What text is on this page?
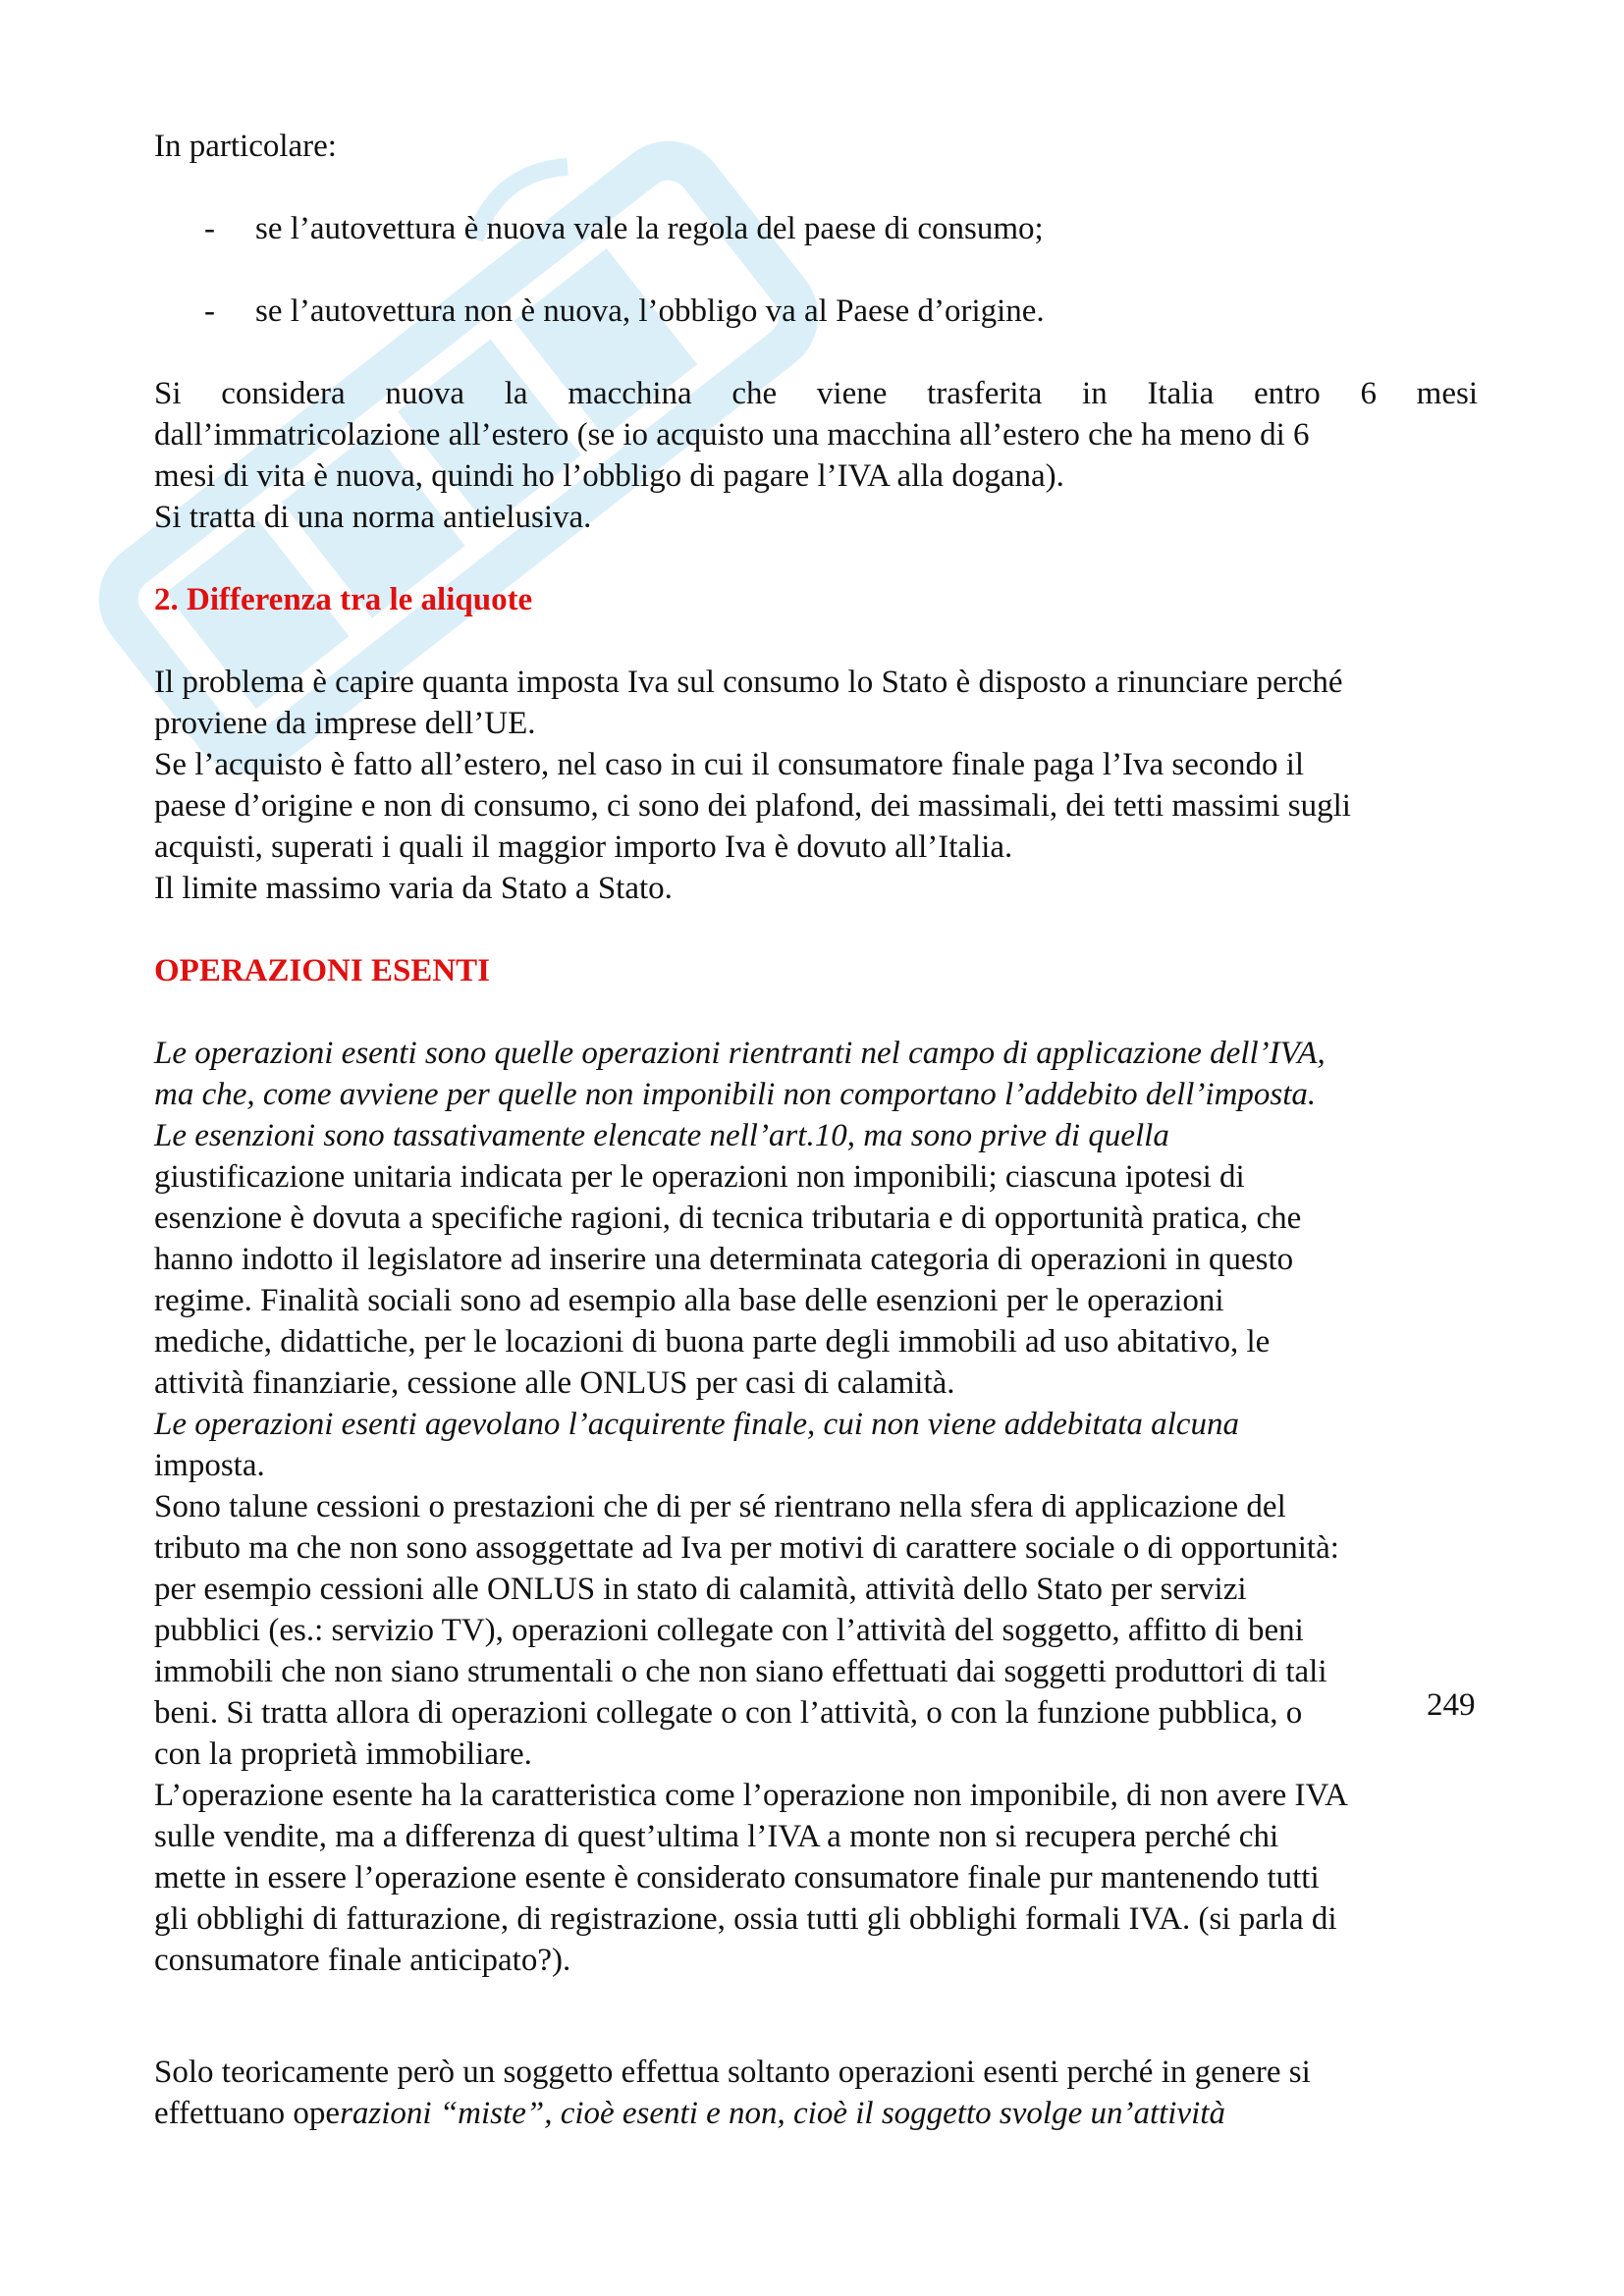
In particolare:
- se l’autovettura è nuova vale la regola del paese di consumo;
- se l’autovettura non è nuova, l’obbligo va al Paese d’origine.
Si considera nuova la macchina che viene trasferita in Italia entro 6 mesi
dall’immatricolazione all’estero (se io acquisto una macchina all’estero che ha meno di 6
mesi di vita è nuova, quindi ho l’obbligo di pagare l’IVA alla dogana).
Si tratta di una norma antielusiva.
2. Differenza tra le aliquote
Il problema è capire quanta imposta Iva sul consumo lo Stato è disposto a rinunciare perché
proviene da imprese dell’UE.
Se l’acquisto è fatto all’estero, nel caso in cui il consumatore finale paga l’Iva secondo il
paese d’origine e non di consumo, ci sono dei plafond, dei massimali, dei tetti massimi sugli
acquisti, superati i quali il maggior importo Iva è dovuto all’Italia.
Il limite massimo varia da Stato a Stato.
OPERAZIONI ESENTI
Le operazioni esenti sono quelle operazioni rientranti nel campo di applicazione dell’IVA,
ma che, come avviene per quelle non imponibili non comportano l’addebito dell’imposta.
Le esenzioni sono tassativamente elencate nell’art.10, ma sono prive di quella
giustificazione unitaria indicata per le operazioni non imponibili; ciascuna ipotesi di
esenzione è dovuta a specifiche ragioni, di tecnica tributaria e di opportunità pratica, che
hanno indotto il legislatore ad inserire una determinata categoria di operazioni in questo
regime. Finalità sociali sono ad esempio alla base delle esenzioni per le operazioni
mediche, didattiche, per le locazioni di buona parte degli immobili ad uso abitativo, le
attività finanziarie, cessione alle ONLUS per casi di calamità.
Le operazioni esenti agevolano l’acquirente finale, cui non viene addebitata alcuna
imposta.
Sono talune cessioni o prestazioni che di per sé rientrano nella sfera di applicazione del
tributo ma che non sono assoggettate ad Iva per motivi di carattere sociale o di opportunità:
per esempio cessioni alle ONLUS in stato di calamità, attività dello Stato per servizi
pubblici (es.: servizio TV), operazioni collegate con l’attività del soggetto, affitto di beni
immobili che non siano strumentali o che non siano effettuati dai soggetti produttori di tali
beni. Si tratta allora di operazioni collegate o con l’attività, o con la funzione pubblica, o
con la proprietà immobiliare.
L’operazione esente ha la caratteristica come l’operazione non imponibile, di non avere IVA
sulle vendite, ma a differenza di quest’ultima l’IVA a monte non si recupera perché chi
mette in essere l’operazione esente è considerato consumatore finale pur mantenendo tutti
gli obblighi di fatturazione, di registrazione, ossia tutti gli obblighi formali IVA. (si parla di
consumatore finale anticipato?).
Solo teoricamente però un soggetto effettua soltanto operazioni esenti perché in genere si
effettuano operazioni “miste”, cioè esenti e non, cioè il soggetto svolge un’attività
249
